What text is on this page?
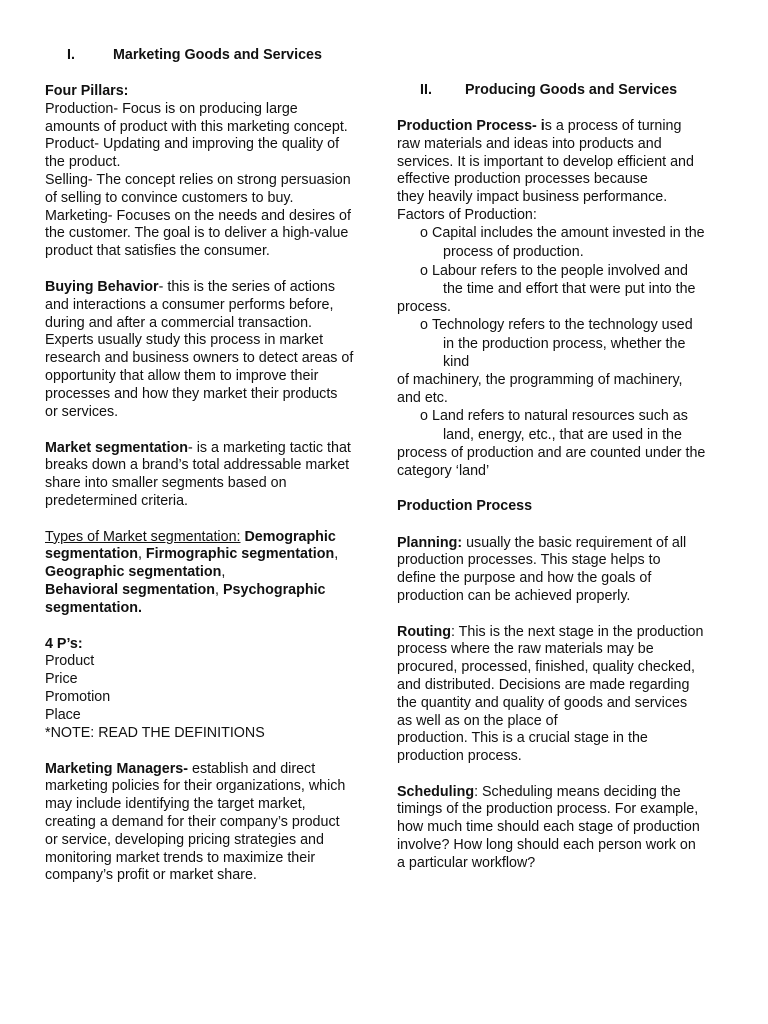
I.	Marketing Goods and Services
Four Pillars:
Production- Focus is on producing large
amounts of product with this marketing concept.
Product- Updating and improving the quality of
the product.
Selling- The concept relies on strong persuasion
of selling to convince customers to buy.
Marketing- Focuses on the needs and desires of
the customer. The goal is to deliver a high-value
product that satisfies the consumer.
Buying Behavior- this is the series of actions
and interactions a consumer performs before,
during and after a commercial transaction.
Experts usually study this process in market
research and business owners to detect areas of
opportunity that allow them to improve their
processes and how they market their products
or services.
Market segmentation- is a marketing tactic that
breaks down a brand’s total addressable market
share into smaller segments based on
predetermined criteria.
Types of Market segmentation: Demographic
segmentation, Firmographic segmentation,
Geographic segmentation,
Behavioral segmentation, Psychographic
segmentation.
4 P’s:
Product
Price
Promotion
Place
*NOTE: READ THE DEFINITIONS
Marketing Managers- establish and direct
marketing policies for their organizations, which
may include identifying the target market,
creating a demand for their company’s product
or service, developing pricing strategies and
monitoring market trends to maximize their
company’s profit or market share.
II. Producing Goods and Services
Production Process- is a process of turning
raw materials and ideas into products and
services. It is important to develop efficient and
effective production processes because
they heavily impact business performance.
Factors of Production:
o Capital includes the amount invested in the
process of production.
o Labour refers to the people involved and
the time and effort that were put into the
process.
o Technology refers to the technology used
in the production process, whether the
kind
of machinery, the programming of machinery,
and etc.
o Land refers to natural resources such as
land, energy, etc., that are used in the
process of production and are counted under the
category ‘land’
Production Process
Planning: usually the basic requirement of all
production processes. This stage helps to
define the purpose and how the goals of
production can be achieved properly.
Routing: This is the next stage in the production
process where the raw materials may be
procured, processed, finished, quality checked,
and distributed. Decisions are made regarding
the quantity and quality of goods and services
as well as on the place of
production. This is a crucial stage in the
production process.
Scheduling: Scheduling means deciding the
timings of the production process. For example,
how much time should each stage of production
involve? How long should each person work on
a particular workflow?
